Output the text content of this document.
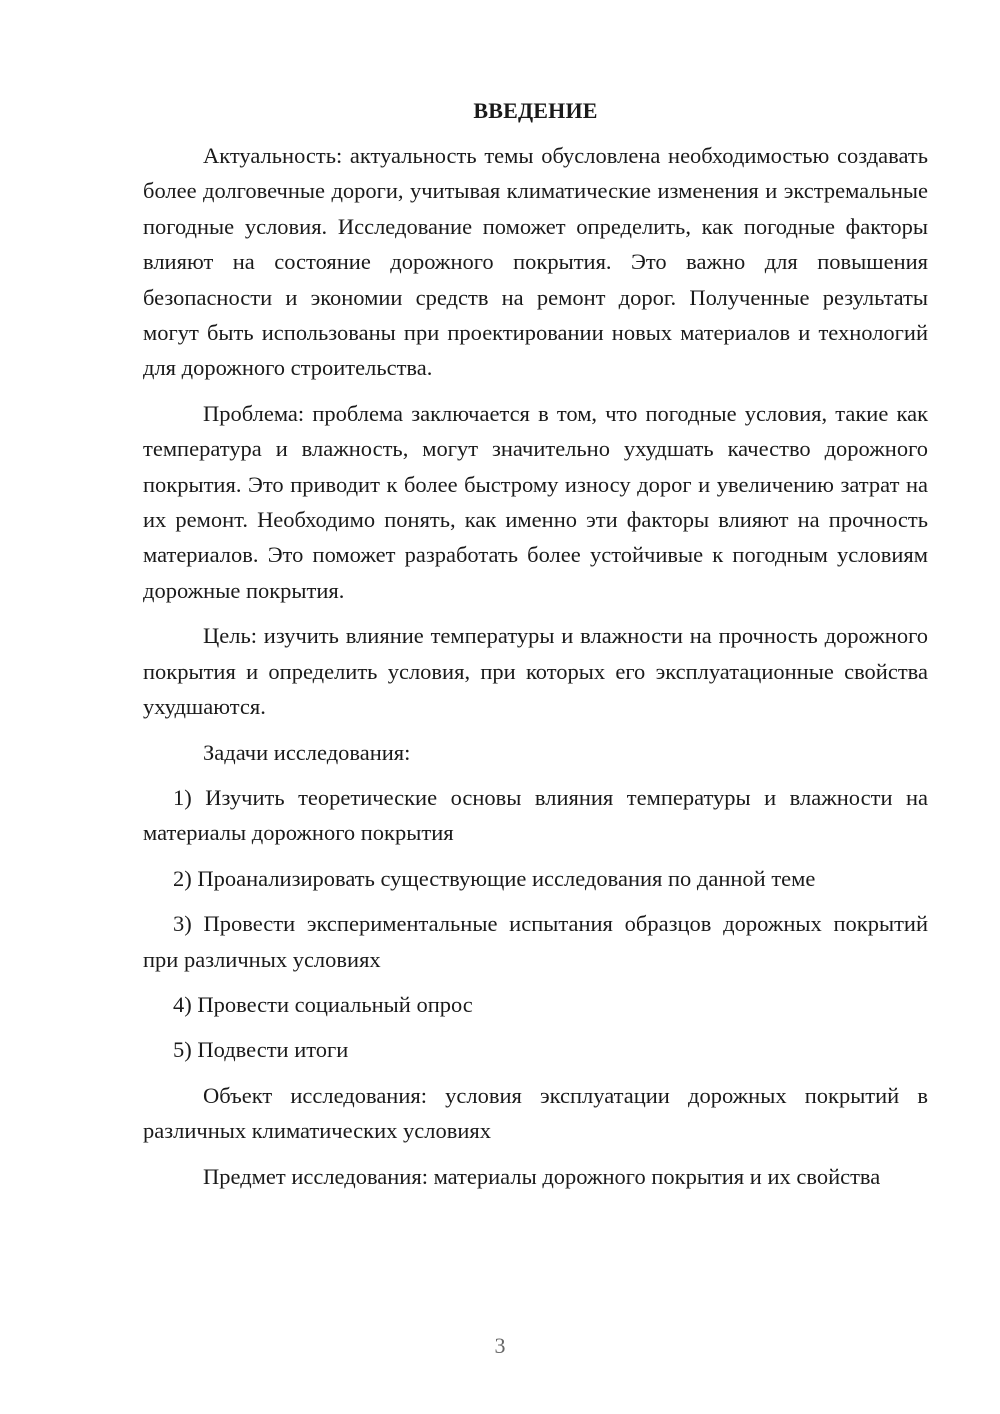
ВВЕДЕНИЕ

Актуальность: актуальность темы обусловлена необходимостью создавать более долговечные дороги, учитывая климатические изменения и экстремальные погодные условия. Исследование поможет определить, как погодные факторы влияют на состояние дорожного покрытия. Это важно для повышения безопасности и экономии средств на ремонт дорог. Полученные результаты могут быть использованы при проектировании новых материалов и технологий для дорожного строительства.

Проблема: проблема заключается в том, что погодные условия, такие как температура и влажность, могут значительно ухудшать качество дорожного покрытия. Это приводит к более быстрому износу дорог и увеличению затрат на их ремонт. Необходимо понять, как именно эти факторы влияют на прочность материалов. Это поможет разработать более устойчивые к погодным условиям дорожные покрытия.

Цель: изучить влияние температуры и влажности на прочность дорожного покрытия и определить условия, при которых его эксплуатационные свойства ухудшаются.

Задачи исследования:

1) Изучить теоретические основы влияния температуры и влажности на материалы дорожного покрытия

2) Проанализировать существующие исследования по данной теме

3) Провести экспериментальные испытания образцов дорожных покрытий при различных условиях

4) Провести социальный опрос

5) Подвести итоги

Объект исследования: условия эксплуатации дорожных покрытий в различных климатических условиях

Предмет исследования: материалы дорожного покрытия и их свойства

3
